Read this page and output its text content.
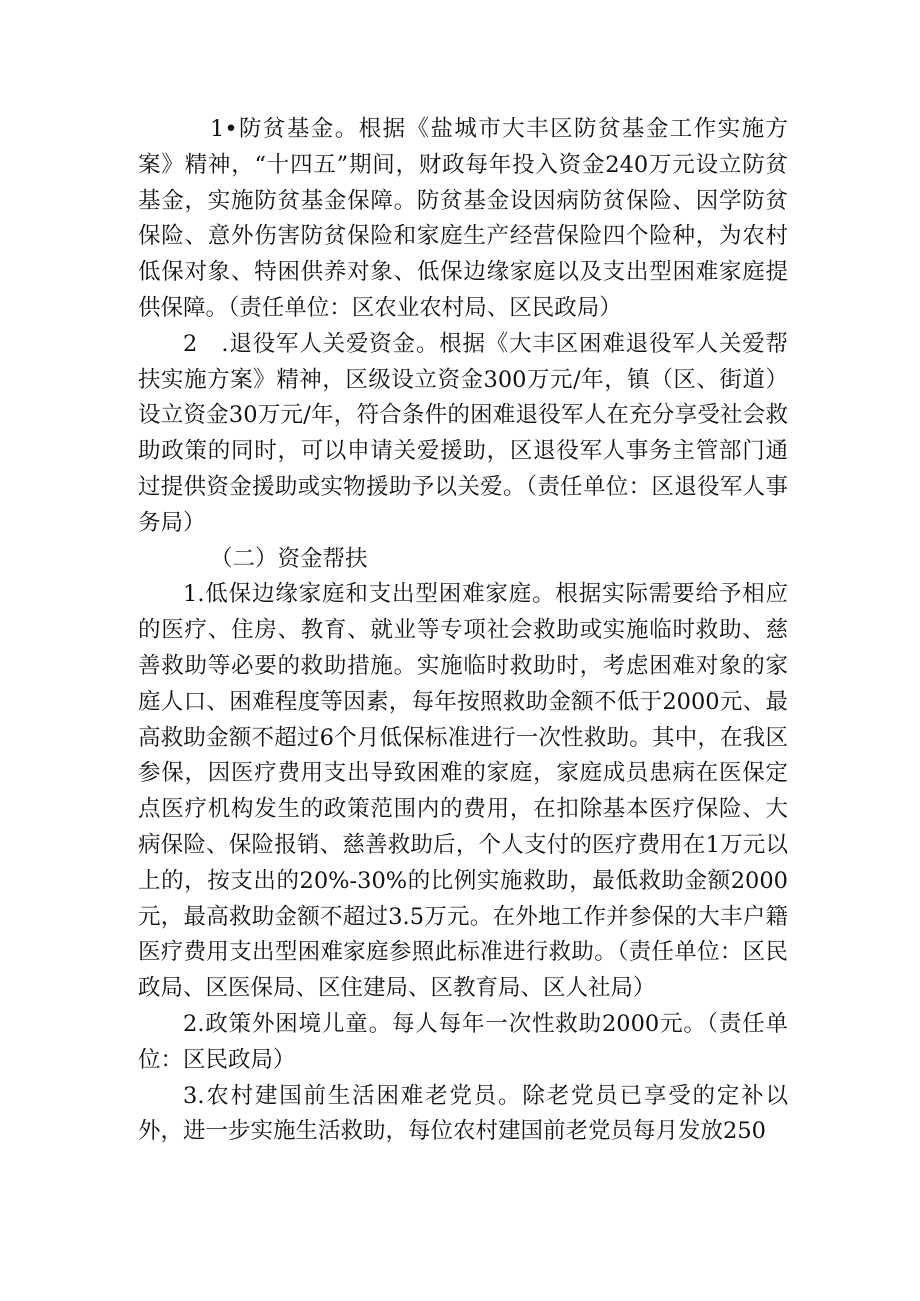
1•防贫基金。根据《盐城市大丰区防贫基金工作实施方案》精神，“十四五”期间，财政每年投入资金240万元设立防贫基金，实施防贫基金保障。防贫基金设因病防贫保险、因学防贫保险、意外伤害防贫保险和家庭生产经营保险四个险种，为农村低保对象、特困供养对象、低保边缘家庭以及支出型困难家庭提供保障。（责任单位：区农业农村局、区民政局）

2　.退役军人关爱资金。根据《大丰区困难退役军人关爱帮扶实施方案》精神，区级设立资金300万元/年，镇（区、街道）设立资金30万元/年，符合条件的困难退役军人在充分享受社会救助政策的同时，可以申请关爱援助，区退役军人事务主管部门通过提供资金援助或实物援助予以关爱。（责任单位：区退役军人事务局）

（二）资金帮扶

1.低保边缘家庭和支出型困难家庭。根据实际需要给予相应的医疗、住房、教育、就业等专项社会救助或实施临时救助、慈善救助等必要的救助措施。实施临时救助时，考虑困难对象的家庭人口、困难程度等因素，每年按照救助金额不低于2000元、最高救助金额不超过6个月低保标准进行一次性救助。其中，在我区参保，因医疗费用支出导致困难的家庭，家庭成员患病在医保定点医疗机构发生的政策范围内的费用，在扣除基本医疗保险、大病保险、保险报销、慈善救助后，个人支付的医疗费用在1万元以上的，按支出的20%-30%的比例实施救助，最低救助金额2000元，最高救助金额不超过3.5万元。在外地工作并参保的大丰户籍医疗费用支出型困难家庭参照此标准进行救助。（责任单位：区民政局、区医保局、区住建局、区教育局、区人社局）

2.政策外困境儿童。每人每年一次性救助2000元。（责任单位：区民政局）

3.农村建国前生活困难老党员。除老党员已享受的定补以外，进一步实施生活救助，每位农村建国前老党员每月发放250
